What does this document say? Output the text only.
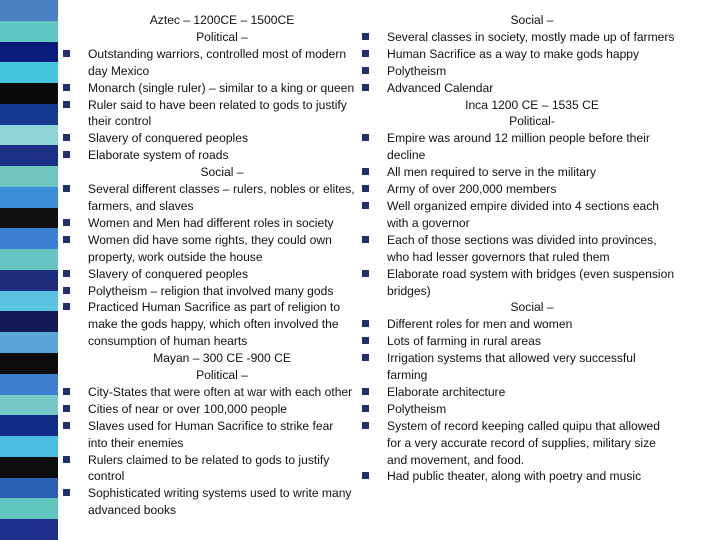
Aztec – 1200CE – 1500CE
Political –
Outstanding warriors, controlled most of modern day Mexico
Monarch (single ruler) – similar to a king or queen
Ruler said to have been related to gods to justify their control
Slavery of conquered peoples
Elaborate system of roads
Social –
Several different classes – rulers, nobles or elites, farmers, and slaves
Women and Men had different roles in society
Women did have some rights, they could own property, work outside the house
Slavery of conquered peoples
Polytheism – religion that involved many gods
Practiced Human Sacrifice as part of religion to make the gods happy, which often involved the consumption of human hearts
Mayan – 300 CE -900 CE
Political –
City-States that were often at war with each other
Cities of near or over 100,000 people
Slaves used for Human Sacrifice to strike fear into their enemies
Rulers claimed to be related to gods to justify control
Sophisticated writing systems used to write many advanced books
Social –
Several classes in society, mostly made up of farmers
Human Sacrifice as a way to make gods happy
Polytheism
Advanced Calendar
Inca 1200 CE – 1535 CE
Political-
Empire was around 12 million people before their decline
All men required to serve in the military
Army of over 200,000 members
Well organized empire divided into 4 sections each with a governor
Each of those sections was divided into provinces, who had lesser governors that ruled them
Elaborate road system with bridges (even suspension bridges)
Social –
Different roles for men and women
Lots of farming in rural areas
Irrigation systems that allowed very successful farming
Elaborate architecture
Polytheism
System of record keeping called quipu that allowed for a very accurate record of supplies, military size and movement, and food.
Had public theater, along with poetry and music
